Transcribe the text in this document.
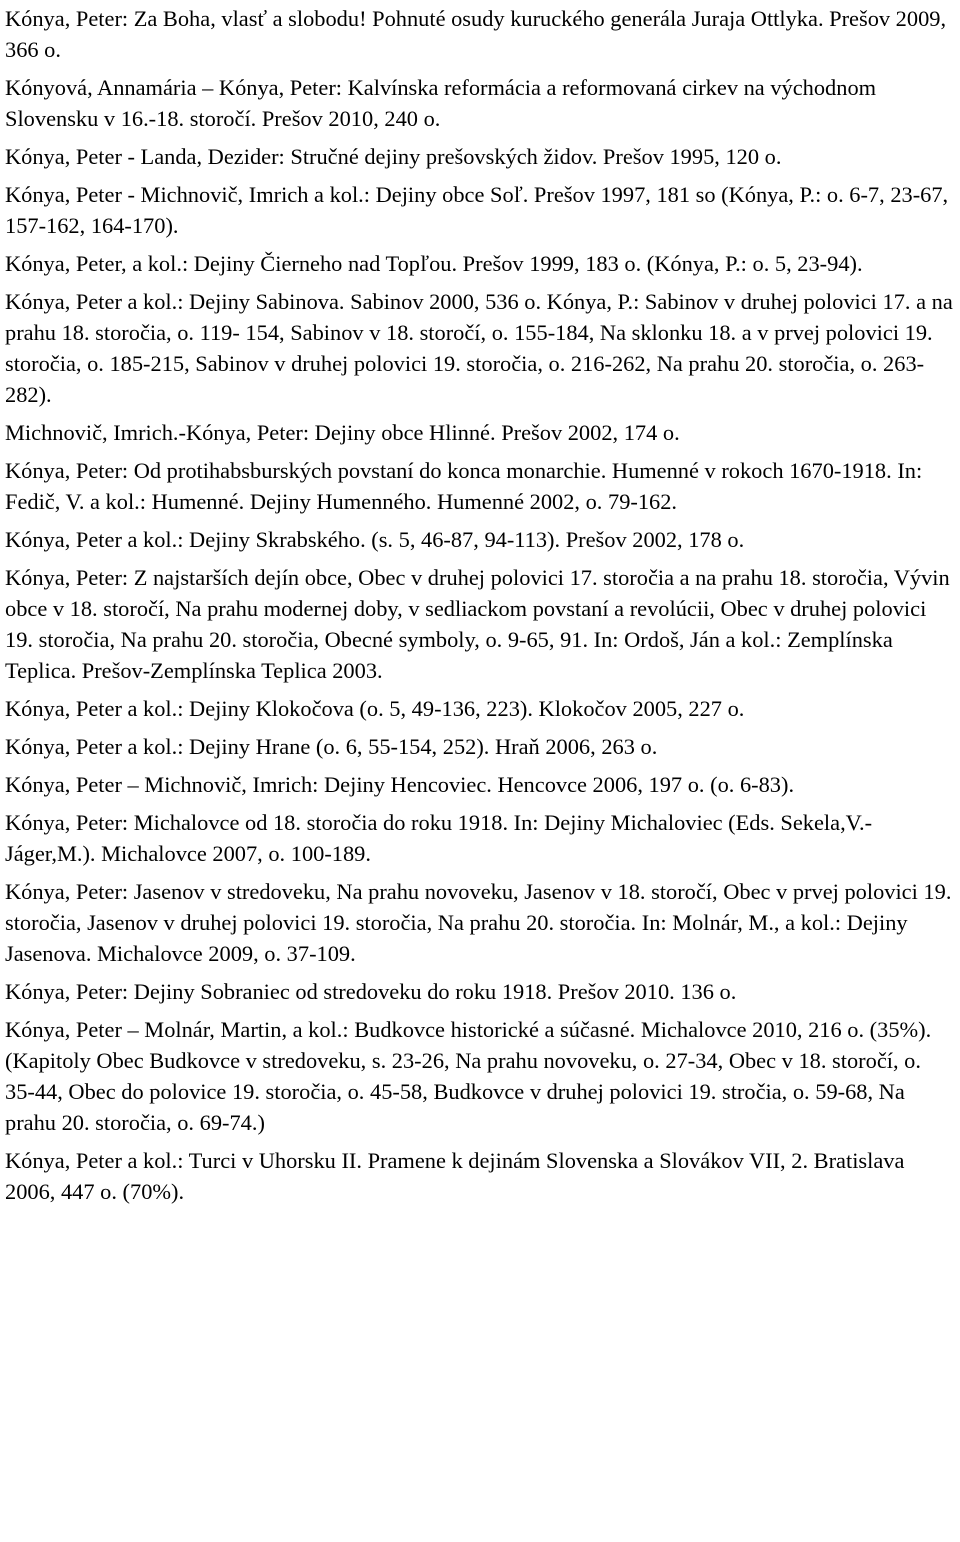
Kónya, Peter: Za Boha, vlasť a slobodu! Pohnuté osudy kuruckého generála Juraja Ottlyka. Prešov 2009, 366 o.

Kónyová, Annamária – Kónya, Peter: Kalvínska reformácia a reformovaná cirkev na východnom Slovensku v 16.-18. storočí. Prešov 2010, 240 o.

Kónya, Peter - Landa, Dezider: Stručné dejiny prešovských židov. Prešov 1995, 120 o.

Kónya, Peter - Michnovič, Imrich a kol.: Dejiny obce Soľ. Prešov 1997, 181 so (Kónya, P.: o. 6-7, 23-67, 157-162, 164-170).

Kónya, Peter, a kol.: Dejiny Čierneho nad Topľou. Prešov 1999, 183 o. (Kónya, P.: o. 5, 23-94).

Kónya, Peter a kol.: Dejiny Sabinova. Sabinov 2000, 536 o. Kónya, P.: Sabinov v druhej polovici 17. a na prahu 18. storočia, o. 119- 154, Sabinov v 18. storočí, o. 155-184, Na sklonku 18. a v prvej polovici 19. storočia, o. 185-215, Sabinov v druhej polovici 19. storočia, o. 216-262, Na prahu 20. storočia, o. 263-282).

Michnovič, Imrich.-Kónya, Peter: Dejiny obce Hlinné. Prešov 2002, 174 o.

Kónya, Peter: Od protihabsburských povstaní do konca monarchie. Humenné v rokoch 1670-1918. In: Fedič, V. a kol.: Humenné. Dejiny Humenného. Humenné 2002, o. 79-162.

Kónya, Peter a kol.: Dejiny Skrabského. (s. 5, 46-87, 94-113). Prešov 2002, 178 o.

Kónya, Peter: Z najstarších dejín obce, Obec v druhej polovici 17. storočia a na prahu 18. storočia, Vývin obce v 18. storočí, Na prahu modernej doby, v sedliackom povstaní a revolúcii, Obec v druhej polovici 19. storočia, Na prahu 20. storočia, Obecné symboly, o. 9-65, 91. In: Ordoš, Ján a kol.: Zemplínska Teplica. Prešov-Zemplínska Teplica 2003.

Kónya, Peter a kol.: Dejiny Klokočova (o. 5, 49-136, 223). Klokočov 2005, 227 o.

Kónya, Peter a kol.: Dejiny Hrane (o. 6, 55-154, 252). Hraň 2006, 263 o.

Kónya, Peter – Michnovič, Imrich: Dejiny Hencoviec. Hencovce 2006, 197 o. (o. 6-83).

Kónya, Peter: Michalovce od 18. storočia do roku 1918. In: Dejiny Michaloviec (Eds. Sekela,V.-Jáger,M.). Michalovce 2007, o. 100-189.

Kónya, Peter: Jasenov v stredoveku, Na prahu novoveku, Jasenov v 18. storočí, Obec v prvej polovici 19. storočia, Jasenov v druhej polovici 19. storočia, Na prahu 20. storočia. In: Molnár, M., a kol.: Dejiny Jasenova. Michalovce 2009, o. 37-109.

Kónya, Peter: Dejiny Sobraniec od stredoveku do roku 1918. Prešov 2010. 136 o.

Kónya, Peter – Molnár, Martin, a kol.: Budkovce historické a súčasné. Michalovce 2010, 216 o. (35%). (Kapitoly Obec Budkovce v stredoveku, s. 23-26, Na prahu novoveku, o. 27-34, Obec v 18. storočí, o. 35-44, Obec do polovice 19. storočia, o. 45-58, Budkovce v druhej polovici 19. stročia, o. 59-68, Na prahu 20. storočia, o. 69-74.)

Kónya, Peter a kol.: Turci v Uhorsku II. Pramene k dejinám Slovenska a Slovákov VII, 2. Bratislava 2006, 447 o. (70%).
